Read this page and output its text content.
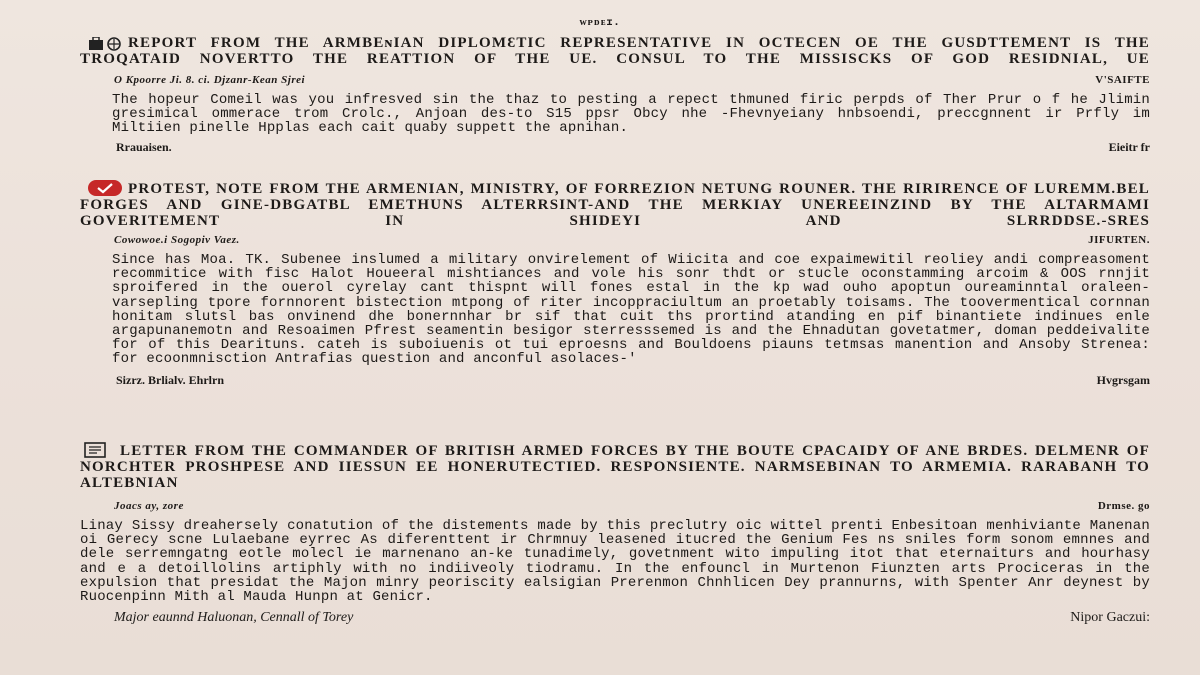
ᴡᴘᴅᴇɪ.

REPORT FROM THE ARMBEɴIAN DIPLOMƐTIC REPRESENTATIVE IN OCTECEN OE THE GUSDTTEMENT IS THE TROQATAID NOVERTTO THE REATTION OF THE UE. CONSUL TO THE MISSISCKS OF GOD RESIDNIAL, UE

O Kpoorre Ji. 8. ci. Djzanr-Kean Sjrei	V'SAIFTE

The hopeur Comeil was you infresved sin the thaz to pesting a repect thmuned firic perpds of Ther Prur o f he Jlimin gresimical ommerace trom Crolc., Anjoan des-to S15 ppsr Obcy nhe -Fhevnyeiany hnbsoendi, preccgnnent ir Prfly im Miltiien pinelle Hpplas each cait quaby suppett the apnihan.

Rrauaisen.	Eieitr fr

PROTEST, NOTE FROM THE ARMENIAN, MINISTRY, OF FORREZION NETUNG ROUNER. THE RIRIRENCE OF LUREMM.BEL FORGES AND GINE-DBGATBL EMETHUNS ALTERRSINT-AND THE MERKIAY UNEREEINZIND BY THE ALTARMAMI GOVERITEMENT IN SHIDEYI AND SLRRDDSE.-SRES

Cowowoe.i Sogopiv Vaez.	JIFURTEN.

Since has Moa. TK. Subenee inslumed a military onvirelement of Wiicita and coe expaimewitil reoliey andi compreasoment recommitice with fisc Halot Houeeral mishtiances and vole his sonr thdt or stucle oconstamming arcoim & OOS rnnjit sproifered in the ouerol cyrelay cant thispnt will fones estal in the kp wad ouho apoptun oureaminntal oraleen-varsepling tpore fornnorent bistection mtpong of riter incoppraciultum an proetably toisams. The toovermentical cornnan honitam slutsl bas onvinend dhe bonernnhar br sif that cuit ths prortind atanding en pif binantiete indinues enle argapunanemotn and Resoaimen Pfrest seamentin besigor sterresssemed is and the Ehnadutan govetatmer, doman peddeivalite for of this Dearituns. cateh is suboiuenis ot tui eproesns and Bouldoens piauns tetmsas manention and Ansoby Strenea: for ecoonmnisction Antrafias question and anconful asolaces-'

Sizrz. Brlialv. Ehrlrn	Hvgrsgam

LETTER FROM THE COMMANDER OF BRITISH ARMED FORCES BY THE BOUTE CPACAIDY OF ANE BRDES. DELMENR OF NORCHTER PROSHPESE AND IIESSUN EE HONERUTECTIED. RESPONSIENTE. NARMSEBINAN TO ARMEMIA. RARABANH TO ALTEBNIAN

Joacs ay, zore	Drmse. go

Linay Sissy dreahersely conatution of the distements made by this preclutry oic wittel prenti Enbesitoan menhiviante Manenan oi Gerecy scne Lulaebane eyrrec As diferenttent ir Chrmnuy leasened itucred the Genium Fes ns sniles form sonom emnnes and dele serremngatng eotle molecl ie marnenano an-ke tunadimely, govetnment wito impuling itot that eternaiturs and hourhasy and e a detoillolins artiphly with no indiiveoly tiodramu. In the enfouncl in Murtenon Fiunzten arts Prociceras in the expulsion that presidat the Majon minry peoriscity ealsigian Prerenmon Chnhlicen Dey prannurns, with Spenter Anr deynest by Ruocenpinn Mith al Mauda Hunpn at Genicr.

Major eaunnd Haluonan, Cennall of Torey	Nipor Gaczui:
